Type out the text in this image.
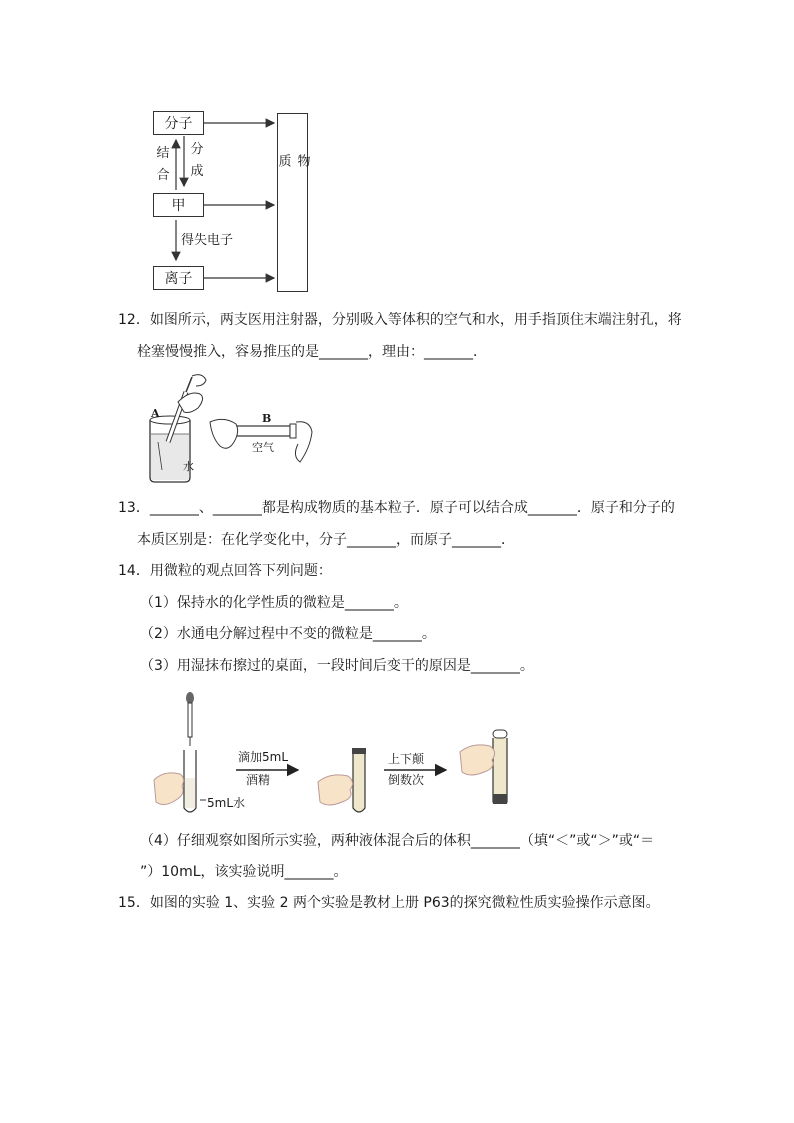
分子
甲
离子
结合
分成
得失电子
物质
12．如图所示，两支医用注射器，分别吸入等体积的空气和水，用手指顶住末端注射孔，将
栓塞慢慢推入，容易推压的是_______，理由：_______．
A	B
水
空气
13．_______、_______都是构成物质的基本粒子．原子可以结合成_______．原子和分子的
本质区别是：在化学变化中，分子_______，而原子_______．
14．用微粒的观点回答下列问题：
（1）保持水的化学性质的微粒是_______。
（2）水通电分解过程中不变的微粒是_______。
（3）用湿抹布擦过的桌面，一段时间后变干的原因是_______。
滴加5mL
酒精
上下颠
倒数次
5mL水
（4）仔细观察如图所示实验，两种液体混合后的体积_______（填“＜”或“＞”或“＝
”）10mL，该实验说明_______。
15．如图的实验 1、实验 2 两个实验是教材上册 P63的探究微粒性质实验操作示意图。
